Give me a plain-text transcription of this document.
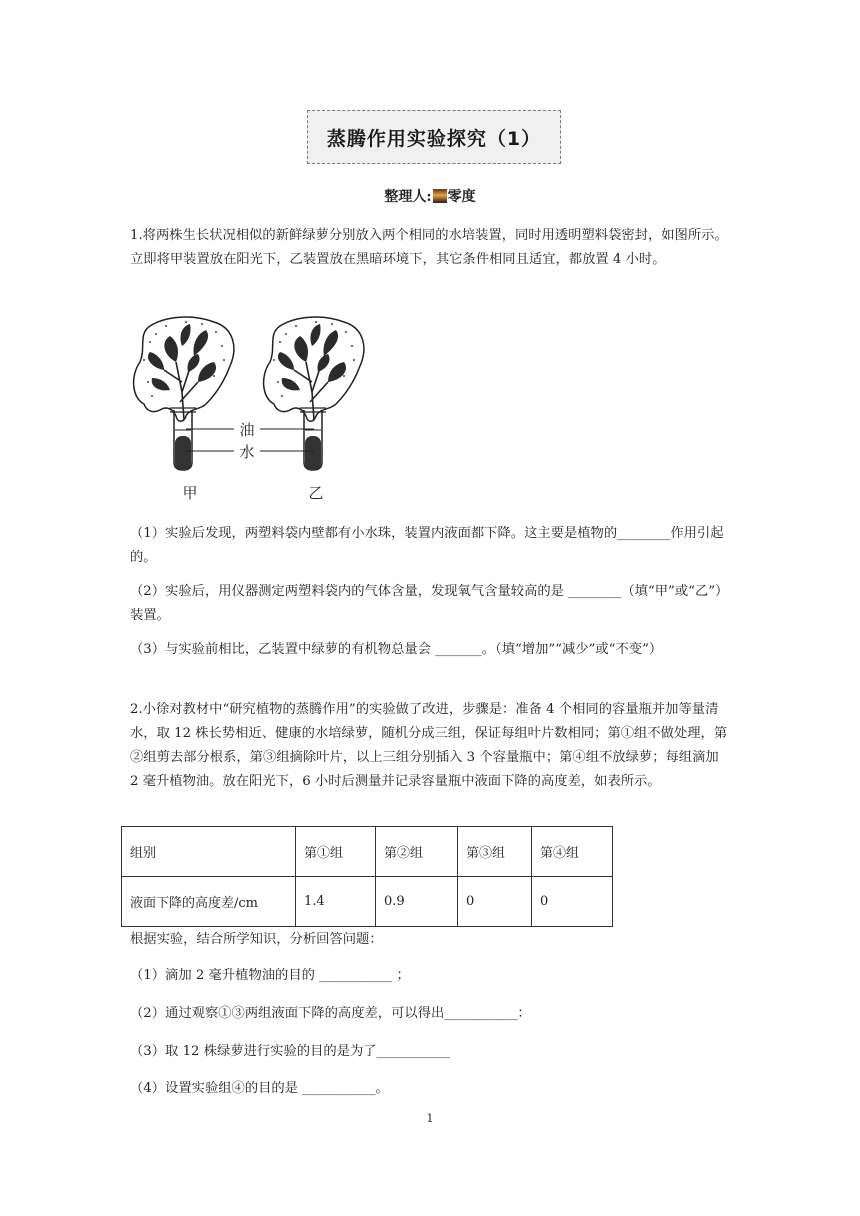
蒸腾作用实验探究（1）
整理人: 零度
1.将两株生长状况相似的新鲜绿萝分别放入两个相同的水培装置，同时用透明塑料袋密封，如图所示。立即将甲装置放在阳光下，乙装置放在黑暗环境下，其它条件相同且适宜，都放置 4 小时。
油
水
甲	乙
（1）实验后发现，两塑料袋内壁都有小水珠，装置内液面都下降。这主要是植物的________作用引起的。
（2）实验后，用仪器测定两塑料袋内的气体含量，发现氧气含量较高的是 ________（填“甲”或“乙”）装置。
（3）与实验前相比，乙装置中绿萝的有机物总量会 _______。（填“增加”“减少”或“不变”）
2.小徐对教材中“研究植物的蒸腾作用”的实验做了改进，步骤是：准备 4 个相同的容量瓶并加等量清水，取 12 株长势相近、健康的水培绿萝，随机分成三组，保证每组叶片数相同；第①组不做处理，第②组剪去部分根系，第③组摘除叶片，以上三组分别插入 3 个容量瓶中；第④组不放绿萝；每组滴加 2 毫升植物油。放在阳光下，6 小时后测量并记录容量瓶中液面下降的高度差，如表所示。
组别	第①组	第②组	第③组	第④组
液面下降的高度差/cm	1.4	0.9	0	0
根据实验，结合所学知识，分析回答问题：
（1）滴加 2 毫升植物油的目的 ___________ ；
（2）通过观察①③两组液面下降的高度差，可以得出___________：
（3）取 12 株绿萝进行实验的目的是为了___________
（4）设置实验组④的目的是 ___________。
1
